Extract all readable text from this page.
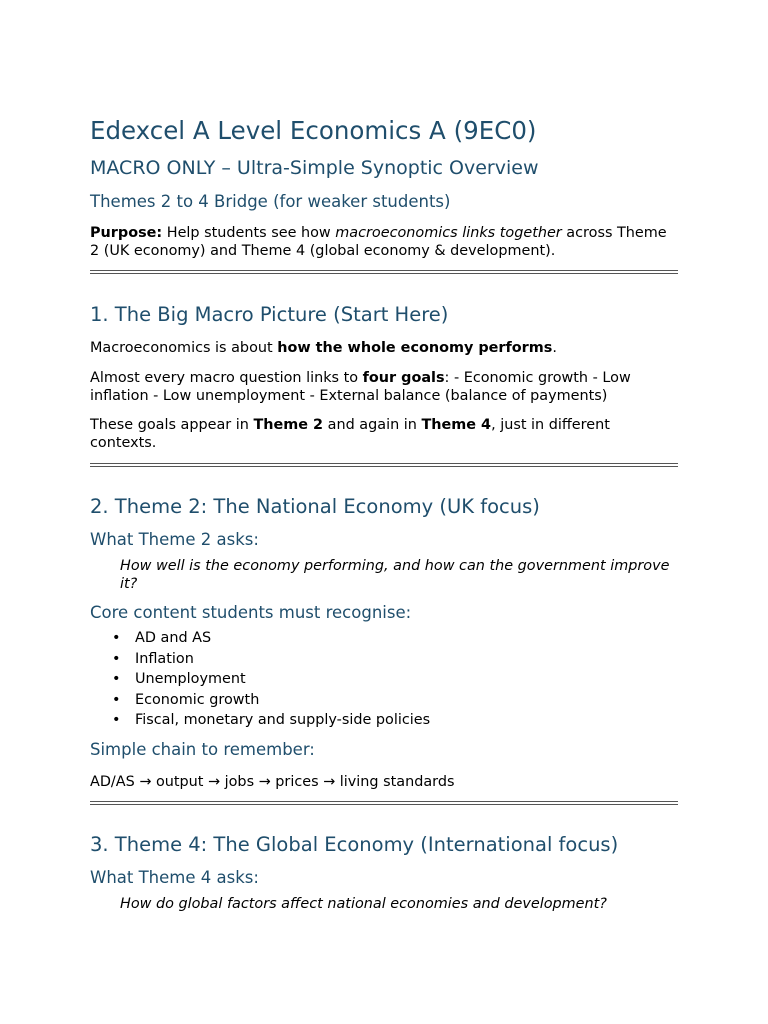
Edexcel A Level Economics A (9EC0)
MACRO ONLY – Ultra-Simple Synoptic Overview
Themes 2 to 4 Bridge (for weaker students)

Purpose: Help students see how macroeconomics links together across Theme 2 (UK economy) and Theme 4 (global economy & development).

1. The Big Macro Picture (Start Here)

Macroeconomics is about how the whole economy performs.

Almost every macro question links to four goals: - Economic growth - Low inflation - Low unemployment - External balance (balance of payments)

These goals appear in Theme 2 and again in Theme 4, just in different contexts.

2. Theme 2: The National Economy (UK focus)
What Theme 2 asks:
How well is the economy performing, and how can the government improve it?
Core content students must recognise:
• AD and AS
• Inflation
• Unemployment
• Economic growth
• Fiscal, monetary and supply-side policies
Simple chain to remember:

AD/AS → output → jobs → prices → living standards

3. Theme 4: The Global Economy (International focus)
What Theme 4 asks:
How do global factors affect national economies and development?
